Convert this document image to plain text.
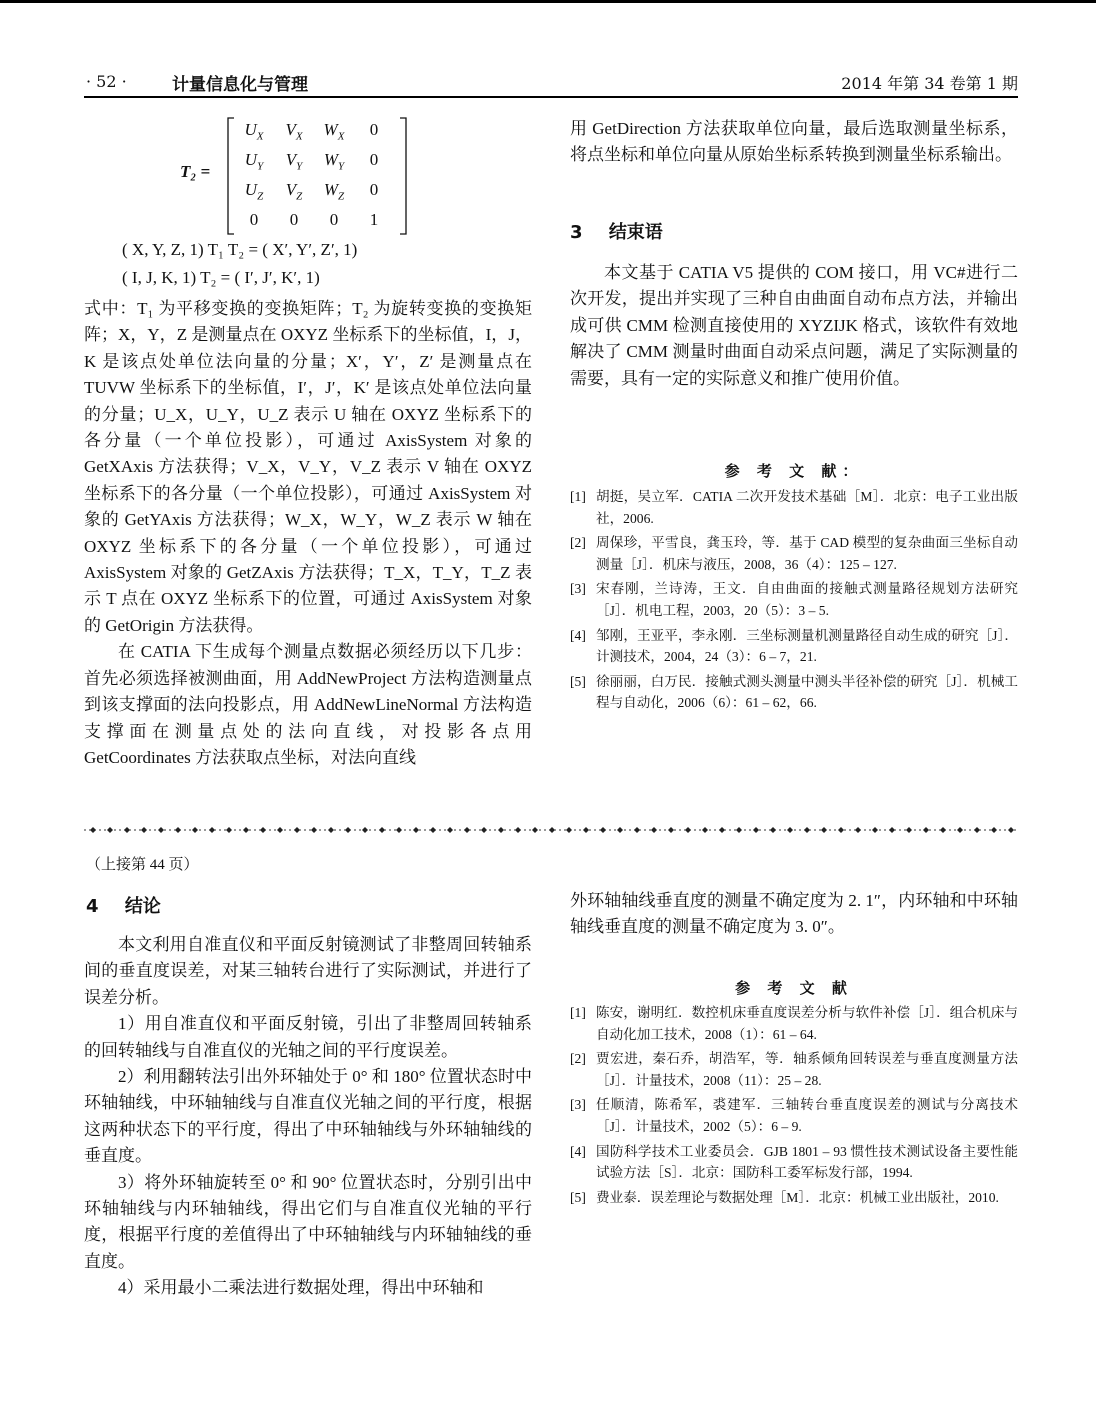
· 52 ·	计量信息化与管理	2014 年第 34 卷第 1 期
T₂ =
$U_X$	$V_X$	$W_X$	0
$U_Y$	$V_Y$	$W_Y$	0
$U_Z$	$V_Z$	$W_Z$	0
0	0	0	1
( X, Y, Z, 1) T₁ T₂ = ( X′, Y′, Z′, 1)
( I, J, K, 1) T₂ = ( I′, J′, K′, 1)

式中：T₁ 为平移变换的变换矩阵；T₂ 为旋转变换的变换矩阵；X，Y，Z 是测量点在 OXYZ 坐标系下的坐标值，I，J，K 是该点处单位法向量的分量；X′，Y′，Z′ 是测量点在 TUVW 坐标系下的坐标值，I′，J′，K′ 是该点处单位法向量的分量；U_X，U_Y，U_Z 表示 U 轴在 OXYZ 坐标系下的各分量（一个单位投影），可通过 AxisSystem 对象的 GetXAxis 方法获得；V_X，V_Y，V_Z 表示 V 轴在 OXYZ 坐标系下的各分量（一个单位投影），可通过 AxisSystem 对象的 GetYAxis 方法获得；W_X，W_Y，W_Z 表示 W 轴在 OXYZ 坐标系下的各分量（一个单位投影），可通过 AxisSystem 对象的 GetZAxis 方法获得；T_X，T_Y，T_Z 表示 T 点在 OXYZ 坐标系下的位置，可通过 AxisSystem 对象的 GetOrigin 方法获得。

在 CATIA 下生成每个测量点数据必须经历以下几步：首先必须选择被测曲面，用 AddNewProject 方法构造测量点到该支撑面的法向投影点，用 AddNewLineNormal 方法构造支撑面在测量点处的法向直线，对投影各点用 GetCoordinates 方法获取点坐标，对法向直线

用 GetDirection 方法获取单位向量，最后选取测量坐标系，将点坐标和单位向量从原始坐标系转换到测量坐标系输出。

3 结束语

本文基于 CATIA V5 提供的 COM 接口，用 VC#进行二次开发，提出并实现了三种自由曲面自动布点方法，并输出成可供 CMM 检测直接使用的 XYZIJK 格式，该软件有效地解决了 CMM 测量时曲面自动采点问题，满足了实际测量的需要，具有一定的实际意义和推广使用价值。

参 考 文 献：
[1] 胡挺，吴立军．CATIA 二次开发技术基础［M］．北京：电子工业出版社，2006.
[2] 周保珍，平雪良，龚玉玲，等．基于 CAD 模型的复杂曲面三坐标自动测量［J］．机床与液压，2008，36（4）：125 – 127.
[3] 宋春刚，兰诗涛，王文．自由曲面的接触式测量路径规划方法研究［J］．机电工程，2003，20（5）：3 – 5.
[4] 邹刚，王亚平，李永刚．三坐标测量机测量路径自动生成的研究［J］．计测技术，2004，24（3）：6 – 7，21.
[5] 徐丽丽，白万民．接触式测头测量中测头半径补偿的研究［J］．机械工程与自动化，2006（6）：61 – 62，66.
（上接第 44 页）
4 结论

本文利用自准直仪和平面反射镜测试了非整周回转轴系间的垂直度误差，对某三轴转台进行了实际测试，并进行了误差分析。

1）用自准直仪和平面反射镜，引出了非整周回转轴系的回转轴线与自准直仪的光轴之间的平行度误差。

2）利用翻转法引出外环轴处于 0° 和 180° 位置状态时中环轴轴线，中环轴轴线与自准直仪光轴之间的平行度，根据这两种状态下的平行度，得出了中环轴轴线与外环轴轴线的垂直度。

3）将外环轴旋转至 0° 和 90° 位置状态时，分别引出中环轴轴线与内环轴轴线，得出它们与自准直仪光轴的平行度，根据平行度的差值得出了中环轴轴线与内环轴轴线的垂直度。

4）采用最小二乘法进行数据处理，得出中环轴和

外环轴轴线垂直度的测量不确定度为 2. 1″，内环轴和中环轴轴线垂直度的测量不确定度为 3. 0″。

参 考 文 献
[1] 陈安，谢明红．数控机床垂直度误差分析与软件补偿［J］．组合机床与自动化加工技术，2008（1）：61 – 64.
[2] 贾宏进，秦石乔，胡浩军，等．轴系倾角回转误差与垂直度测量方法［J］．计量技术，2008（11）：25 – 28.
[3] 任顺清，陈希军，裘建军．三轴转台垂直度误差的测试与分离技术［J］．计量技术，2002（5）：6 – 9.
[4] 国防科学技术工业委员会．GJB 1801 – 93 惯性技术测试设备主要性能试验方法［S］．北京：国防科工委军标发行部，1994.
[5] 费业泰．误差理论与数据处理［M］．北京：机械工业出版社，2010.
